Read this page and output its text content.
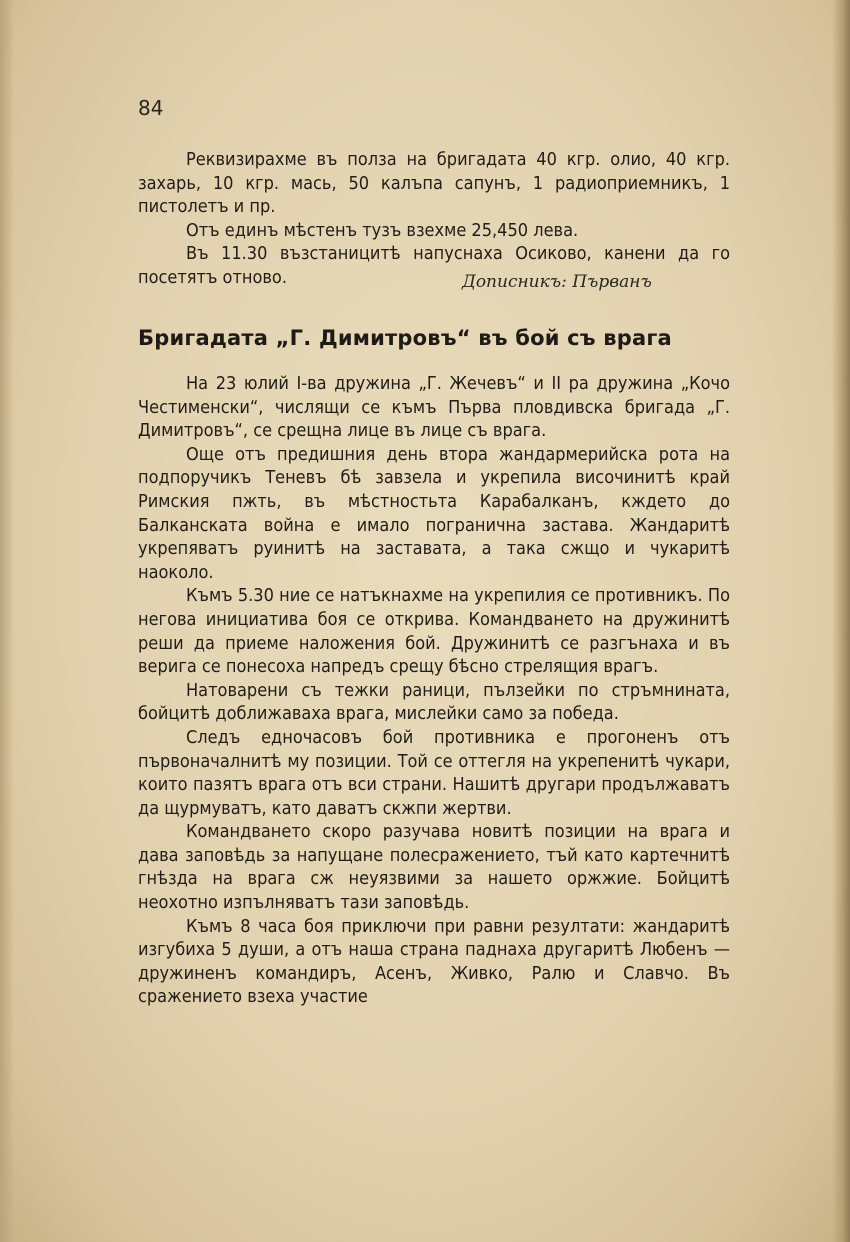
84

Реквизирахме въ полза на бригадата 40 кгр. олио, 40 кгр. захарь, 10 кгр. мась, 50 калъпа сапунъ, 1 радиоприемникъ, 1 пистолетъ и пр.

Отъ единъ мѣстенъ тузъ взехме 25,450 лева.

Въ 11.30 възстаницитѣ напуснаха Осиково, канени да го посетятъ отново.	Дописникъ: Първанъ
Бригадата „Г. Димитровъ“ въ бой съ врага

На 23 юлий I-ва дружина „Г. Жечевъ“ и II ра дружина „Кочо Честименски“, числящи се къмъ Първа пловдивска бригада „Г. Димитровъ“, се срещна лице въ лице съ врага.

Още отъ предишния день втора жандармерийска рота на подпоручикъ Теневъ бѣ завзела и укрепила височинитѣ край Римския пжть, въ мѣстностьта Карабалканъ, кждето до Балканската война е имало погранична застава. Жандаритѣ укрепяватъ руинитѣ на заставата, а така сжщо и чукаритѣ наоколо.

Къмъ 5.30 ние се натъкнахме на укрепилия се противникъ. По негова инициатива боя се открива. Командването на дружинитѣ реши да приеме наложения бой. Дружинитѣ се разгънаха и въ верига се понесоха напредъ срещу бѣсно стрелящия врагъ.

Натоварени съ тежки раници, пълзейки по стръмнината, бойцитѣ доближаваха врага, мислейки само за победа.

Следъ едночасовъ бой противника е прогоненъ отъ първоначалнитѣ му позиции. Той се оттегля на укрепенитѣ чукари, които пазятъ врага отъ вси страни. Нашитѣ другари продължаватъ да щурмуватъ, като даватъ скжпи жертви.

Командването скоро разучава новитѣ позиции на врага и дава заповѣдь за напущане полесражението, тъй като картечнитѣ гнѣзда на врага сж неуязвими за нашето оржжие. Бойцитѣ неохотно изпълняватъ тази заповѣдь.

Къмъ 8 часа боя приключи при равни резултати: жандаритѣ изгубиха 5 души, а отъ наша страна паднаха другаритѣ Любенъ — дружиненъ командиръ, Асенъ, Живко, Ралю и Славчо. Въ сражението взеха участие
